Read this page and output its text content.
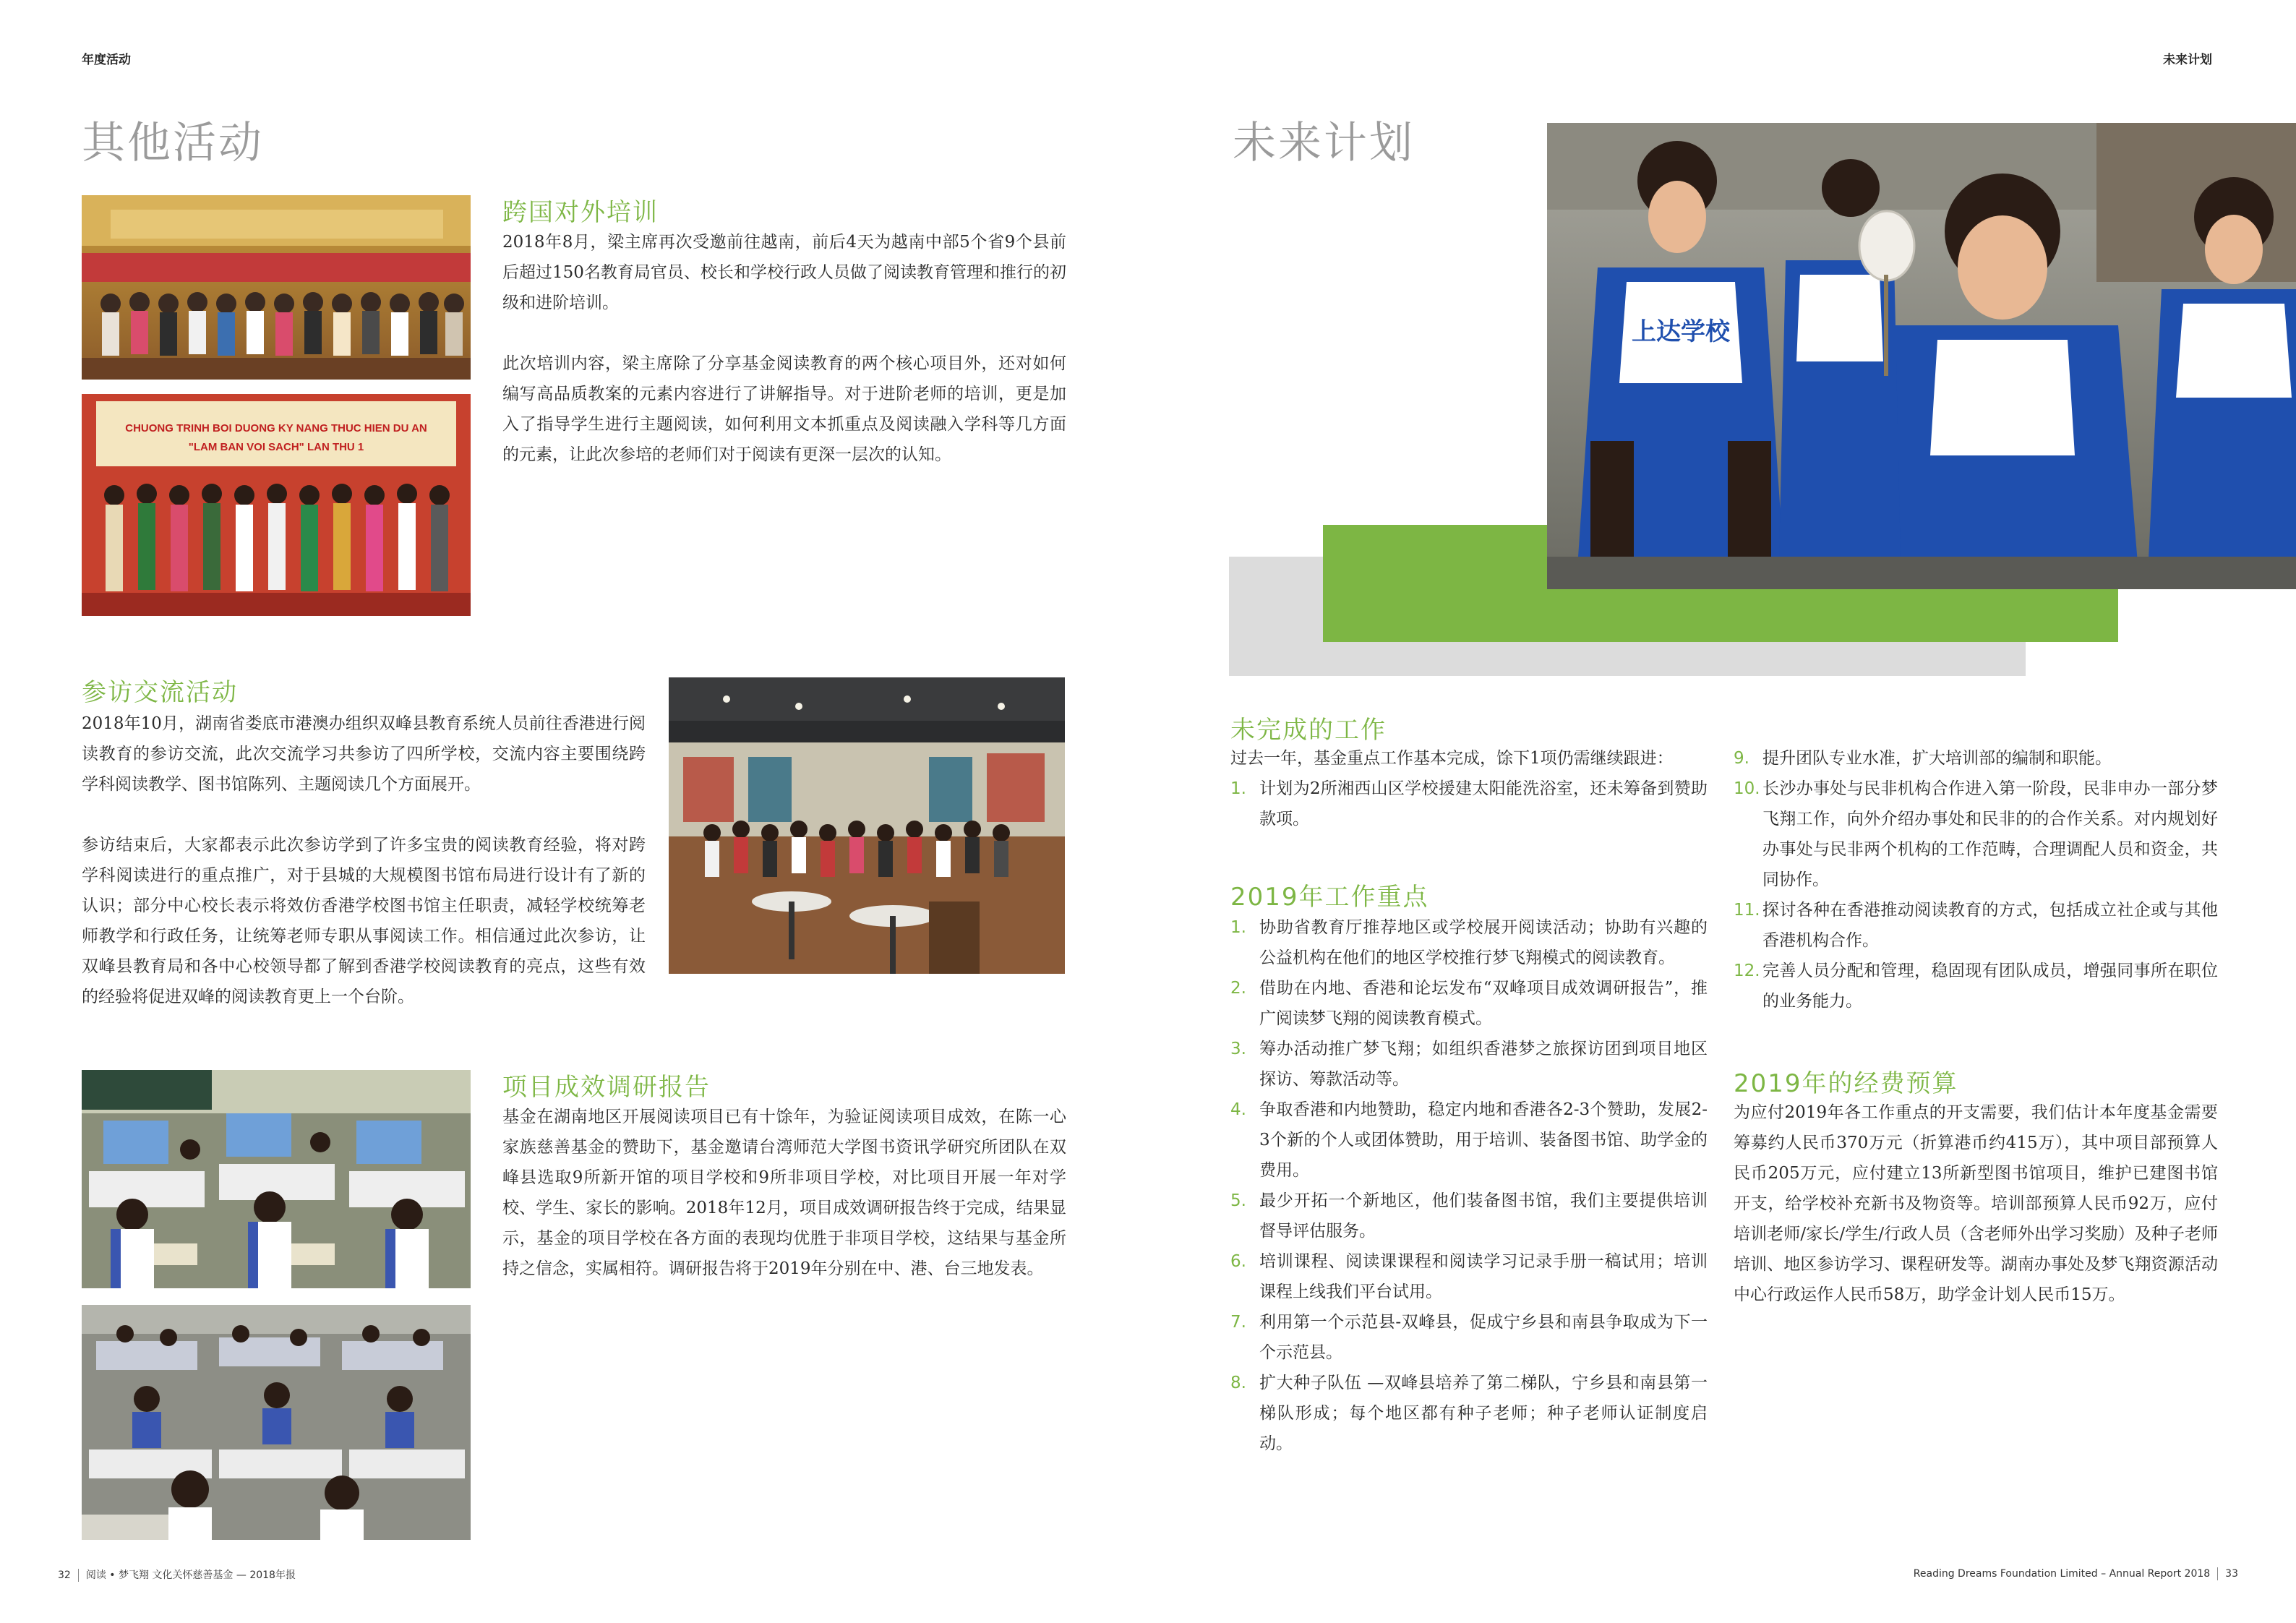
年度活动
其他活动
CHUONG TRINH BOI DUONG KY NANG THUC HIEN DU AN
"LAM BAN VOI SACH" LAN THU 1
跨国对外培训

2018年8月，梁主席再次受邀前往越南，前后4天为越南中部5个省9个县前后超过150名教育局官员、校长和学校行政人员做了阅读教育管理和推行的初级和进阶培训。

此次培训内容，梁主席除了分享基金阅读教育的两个核心项目外，还对如何编写高品质教案的元素内容进行了讲解指导。对于进阶老师的培训，更是加入了指导学生进行主题阅读，如何利用文本抓重点及阅读融入学科等几方面的元素，让此次参培的老师们对于阅读有更深一层次的认知。

参访交流活动

2018年10月，湖南省娄底市港澳办组织双峰县教育系统人员前往香港进行阅读教育的参访交流，此次交流学习共参访了四所学校，交流内容主要围绕跨学科阅读教学、图书馆陈列、主题阅读几个方面展开。

参访结束后，大家都表示此次参访学到了许多宝贵的阅读教育经验，将对跨学科阅读进行的重点推广，对于县城的大规模图书馆布局进行设计有了新的认识；部分中心校长表示将效仿香港学校图书馆主任职责，减轻学校统筹老师教学和行政任务，让统筹老师专职从事阅读工作。相信通过此次参访，让双峰县教育局和各中心校领导都了解到香港学校阅读教育的亮点，这些有效的经验将促进双峰的阅读教育更上一个台阶。

项目成效调研报告

基金在湖南地区开展阅读项目已有十馀年，为验证阅读项目成效，在陈一心家族慈善基金的赞助下，基金邀请台湾师范大学图书资讯学研究所团队在双峰县选取9所新开馆的项目学校和9所非项目学校，对比项目开展一年对学校、学生、家长的影响。2018年12月，项目成效调研报告终于完成，结果显示，基金的项目学校在各方面的表现均优胜于非项目学校，这结果与基金所持之信念，实属相符。调研报告将于2019年分别在中、港、台三地发表。

32 阅读 • 梦飞翔 文化关怀慈善基金 — 2018年报
未来计划
未来计划
上达学校
未完成的工作
过去一年，基金重点工作基本完成，馀下1项仍需继续跟进：
1. 计划为2所湘西山区学校援建太阳能洗浴室，还未筹备到赞助款项。
2019年工作重点
1. 协助省教育厅推荐地区或学校展开阅读活动；协助有兴趣的公益机构在他们的地区学校推行梦飞翔模式的阅读教育。
2. 借助在内地、香港和论坛发布“双峰项目成效调研报告”，推广阅读梦飞翔的阅读教育模式。
3. 筹办活动推广梦飞翔；如组织香港梦之旅探访团到项目地区探访、筹款活动等。
4. 争取香港和内地赞助，稳定内地和香港各2-3个赞助，发展2-3个新的个人或团体赞助，用于培训、装备图书馆、助学金的费用。
5. 最少开拓一个新地区，他们装备图书馆，我们主要提供培训督导评估服务。
6. 培训课程、阅读课课程和阅读学习记录手册一稿试用；培训课程上线我们平台试用。
7. 利用第一个示范县-双峰县，促成宁乡县和南县争取成为下一个示范县。
8. 扩大种子队伍 —双峰县培养了第二梯队，宁乡县和南县第一梯队形成；每个地区都有种子老师；种子老师认证制度启动。
9. 提升团队专业水准，扩大培训部的编制和职能。
10. 长沙办事处与民非机构合作进入第一阶段，民非申办一部分梦飞翔工作，向外介绍办事处和民非的的合作关系。对内规划好办事处与民非两个机构的工作范畴，合理调配人员和资金，共同协作。
11. 探讨各种在香港推动阅读教育的方式，包括成立社企或与其他香港机构合作。
12. 完善人员分配和管理，稳固现有团队成员，增强同事所在职位的业务能力。
2019年的经费预算
为应付2019年各工作重点的开支需要，我们估计本年度基金需要筹募约人民币370万元（折算港币约415万），其中项目部预算人民币205万元，应付建立13所新型图书馆项目，维护已建图书馆开支，给学校补充新书及物资等。培训部预算人民币92万，应付培训老师/家长/学生/行政人员（含老师外出学习奖励）及种子老师培训、地区参访学习、课程研发等。湖南办事处及梦飞翔资源活动中心行政运作人民币58万，助学金计划人民币15万。
Reading Dreams Foundation Limited – Annual Report 2018 33
